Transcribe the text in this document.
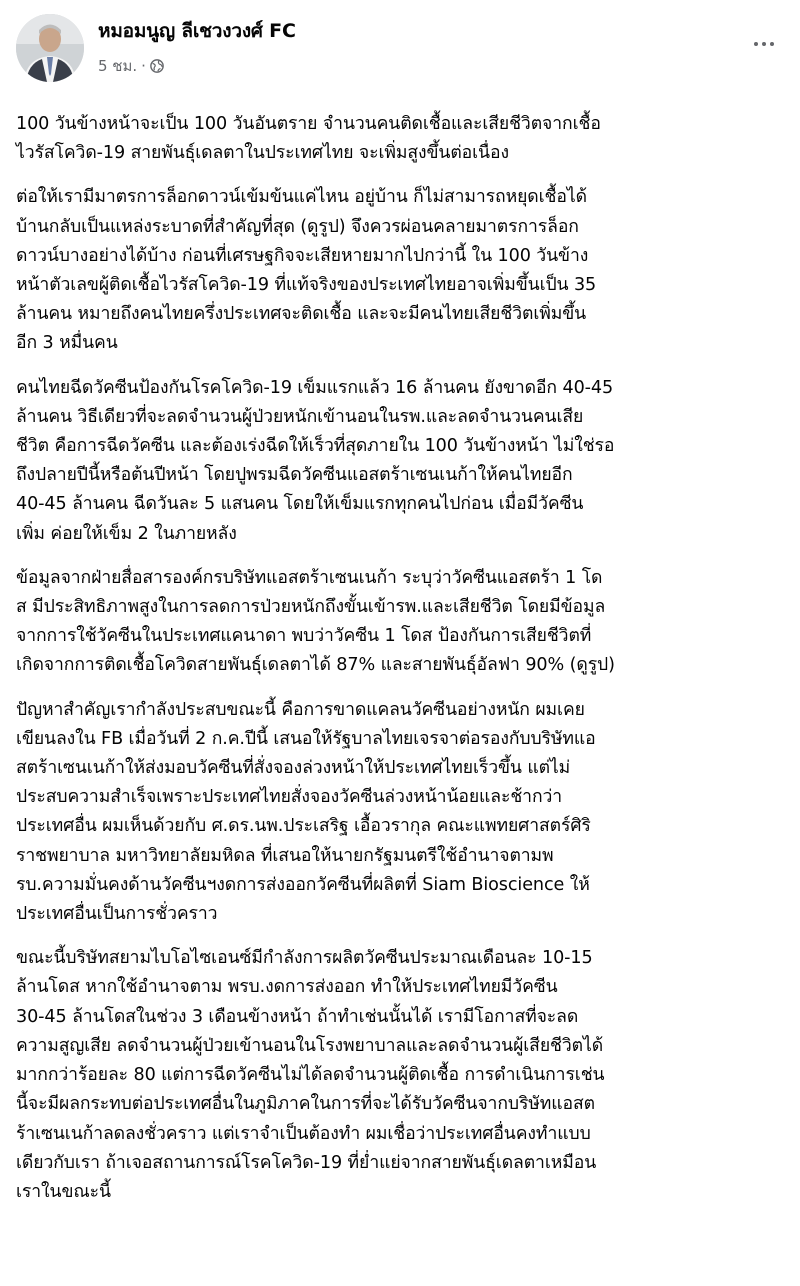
หมอมนูญ ลีเชวงวงศ์ FC
5 ชม. ·

100 วันข้างหน้าจะเป็น 100 วันอันตราย จำนวนคนติดเชื้อและเสียชีวิตจากเชื้อ
ไวรัสโควิด-19 สายพันธุ์เดลตาในประเทศไทย จะเพิ่มสูงขึ้นต่อเนื่อง

ต่อให้เรามีมาตรการล็อกดาวน์เข้มข้นแค่ไหน อยู่บ้าน ก็ไม่สามารถหยุดเชื้อได้
บ้านกลับเป็นแหล่งระบาดที่สำคัญที่สุด (ดูรูป) จึงควรผ่อนคลายมาตรการล็อก
ดาวน์บางอย่างได้บ้าง ก่อนที่เศรษฐกิจจะเสียหายมากไปกว่านี้ ใน 100 วันข้าง
หน้าตัวเลขผู้ติดเชื้อไวรัสโควิด-19 ที่แท้จริงของประเทศไทยอาจเพิ่มขึ้นเป็น 35
ล้านคน หมายถึงคนไทยครึ่งประเทศจะติดเชื้อ และจะมีคนไทยเสียชีวิตเพิ่มขึ้น
อีก 3 หมื่นคน

คนไทยฉีดวัคซีนป้องกันโรคโควิด-19 เข็มแรกแล้ว 16 ล้านคน ยังขาดอีก 40-45
ล้านคน วิธีเดียวที่จะลดจำนวนผู้ป่วยหนักเข้านอนในรพ.และลดจำนวนคนเสีย
ชีวิต คือการฉีดวัคซีน และต้องเร่งฉีดให้เร็วที่สุดภายใน 100 วันข้างหน้า ไม่ใช่รอ
ถึงปลายปีนี้หรือต้นปีหน้า โดยปูพรมฉีดวัคซีนแอสตร้าเซนเนก้าให้คนไทยอีก
40-45 ล้านคน ฉีดวันละ 5 แสนคน โดยให้เข็มแรกทุกคนไปก่อน เมื่อมีวัคซีน
เพิ่ม ค่อยให้เข็ม 2 ในภายหลัง

ข้อมูลจากฝ่ายสื่อสารองค์กรบริษัทแอสตร้าเซนเนก้า ระบุว่าวัคซีนแอสตร้า 1 โด
ส มีประสิทธิภาพสูงในการลดการป่วยหนักถึงขั้นเข้ารพ.และเสียชีวิต โดยมีข้อมูล
จากการใช้วัคซีนในประเทศแคนาดา พบว่าวัคซีน 1 โดส ป้องกันการเสียชีวิตที่
เกิดจากการติดเชื้อโควิดสายพันธุ์เดลตาได้ 87% และสายพันธุ์อัลฟา 90% (ดูรูป)

ปัญหาสำคัญเรากำลังประสบขณะนี้ คือการขาดแคลนวัคซีนอย่างหนัก ผมเคย
เขียนลงใน FB เมื่อวันที่ 2 ก.ค.ปีนี้ เสนอให้รัฐบาลไทยเจรจาต่อรองกับบริษัทแอ
สตร้าเซนเนก้าให้ส่งมอบวัคซีนที่สั่งจองล่วงหน้าให้ประเทศไทยเร็วขึ้น แต่ไม่
ประสบความสำเร็จเพราะประเทศไทยสั่งจองวัคซีนล่วงหน้าน้อยและช้ากว่า
ประเทศอื่น ผมเห็นด้วยกับ ศ.ดร.นพ.ประเสริฐ เอื้อวรากุล คณะแพทยศาสตร์ศิริ
ราชพยาบาล มหาวิทยาลัยมหิดล ที่เสนอให้นายกรัฐมนตรีใช้อำนาจตามพ
รบ.ความมั่นคงด้านวัคซีนฯงดการส่งออกวัคซีนที่ผลิตที่ Siam Bioscience ให้
ประเทศอื่นเป็นการชั่วคราว

ขณะนี้บริษัทสยามไบโอไซเอนซ์มีกำลังการผลิตวัคซีนประมาณเดือนละ 10-15
ล้านโดส หากใช้อำนาจตาม พรบ.งดการส่งออก ทำให้ประเทศไทยมีวัคซีน
30-45 ล้านโดสในช่วง 3 เดือนข้างหน้า ถ้าทำเช่นนั้นได้ เรามีโอกาสที่จะลด
ความสูญเสีย ลดจำนวนผู้ป่วยเข้านอนในโรงพยาบาลและลดจำนวนผู้เสียชีวิตได้
มากกว่าร้อยละ 80 แต่การฉีดวัคซีนไม่ได้ลดจำนวนผู้ติดเชื้อ การดำเนินการเช่น
นี้จะมีผลกระทบต่อประเทศอื่นในภูมิภาคในการที่จะได้รับวัคซีนจากบริษัทแอสต
ร้าเซนเนก้าลดลงชั่วคราว แต่เราจำเป็นต้องทำ ผมเชื่อว่าประเทศอื่นคงทำแบบ
เดียวกับเรา ถ้าเจอสถานการณ์โรคโควิด-19 ที่ย่ำแย่จากสายพันธุ์เดลตาเหมือน
เราในขณะนี้
